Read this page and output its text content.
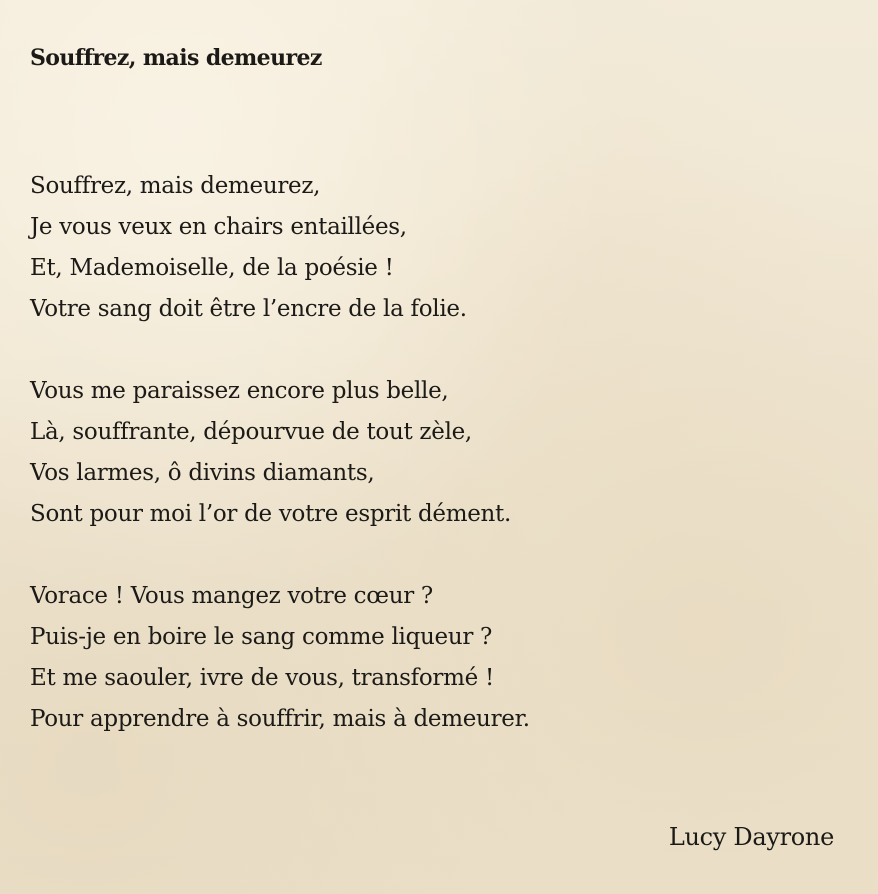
Souffrez, mais demeurez
Souffrez, mais demeurez,
Je vous veux en chairs entaillées,
Et, Mademoiselle, de la poésie !
Votre sang doit être l’encre de la folie.
Vous me paraissez encore plus belle,
Là, souffrante, dépourvue de tout zèle,
Vos larmes, ô divins diamants,
Sont pour moi l’or de votre esprit dément.
Vorace ! Vous mangez votre cœur ?
Puis-je en boire le sang comme liqueur ?
Et me saouler, ivre de vous, transformé !
Pour apprendre à souffrir, mais à demeurer.

Lucy Dayrone
